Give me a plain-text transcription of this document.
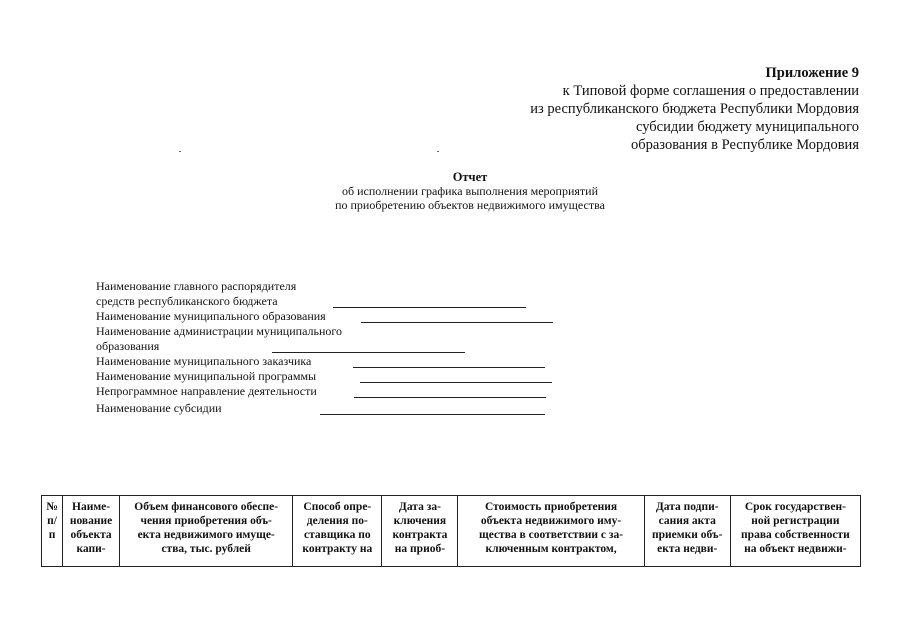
Приложение 9
к Типовой форме соглашения о предоставлении
из республиканского бюджета Республики Мордовия
субсидии бюджету муниципального
образования в Республике Мордовия
Отчет
об исполнении графика выполнения мероприятий
по приобретению объектов недвижимого имущества
Наименование главного распорядителя
средств республиканского бюджета
Наименование муниципального образования
Наименование администрации муниципального
образования
Наименование муниципального заказчика
Наименование муниципальной программы
Непрограммное направление деятельности
Наименование субсидии
№
п/
п

Наиме-
нование
объекта
капи-

Объем финансового обеспе-
чения приобретения объ-
екта недвижимого имуще-
ства, тыс. рублей

Способ опре-
деления по-
ставщика по
контракту на

Дата за-
ключения
контракта
на приоб-

Стоимость приобретения
объекта недвижимого иму-
щества в соответствии с за-
ключенным контрактом,

Дата подпи-
сания акта
приемки объ-
екта недви-

Срок государствен-
ной регистрации
права собственности
на объект недвижи-
